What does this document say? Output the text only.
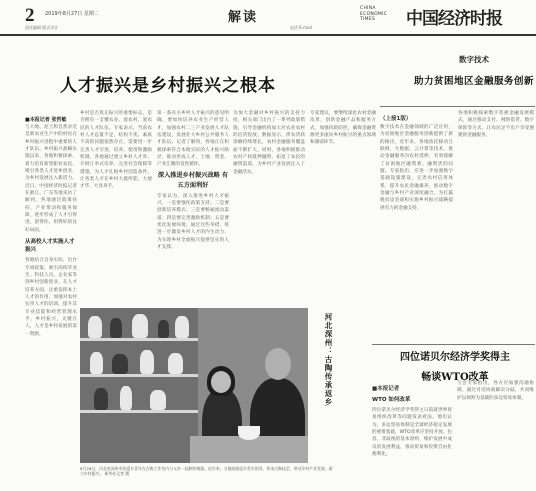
2 2019年8月27日 星期二	解读
CHINA ECONOMIC TIMES	中国经济时报
责任编辑 版式设计	电话 E-mail
人才振兴是乡村振兴之根本
■本报记者 张哲敏
与大地、泥土和自然亲近是新农业生产中的村民在乡村振兴进程中重要的人才队伍。乡村振兴战略实施以来，各地积极探索，着力培育新型职业农民，吸引各类人才返乡创业，为乡村发展注入新活力。近日，中国经济时报记者在浙江、广东等地采访了解到，各地通过政策扶持、产业带动和服务保障，逐步形成了人才引得进、留得住、用得好的良好局面。
从高校人才实施人才振兴
各地结合自身实际，出台专项政策，吸引高校毕业生、科技人员、企业家等到乡村创新创业。在人才培养方面，注重发挥本土人才的作用，加强对农村实用人才的培训，提升其专业技能和经营管理水平。乡村振兴，关键在人，人才是乡村发展的第一资源。
乡村是否真正振兴的重要标志，是否拥有一支懂农业、爱农村、爱农民的人才队伍。专家表示，当前农村人才总量不足、结构不优、素质不高的问题依然存在，需要进一步完善人才引进、培养、使用和激励机制。各地通过建立乡村人才库、开展订单式培养、完善社会保障等措施，为人才扎根乡村创造条件，让各类人才在乡村大施所能、大展才华、大显身手。
第一条有关乡村人才振兴的意见明确，要加快培养农业生产经营人才，加强农村二三产业发展人才队伍建设，发展壮大乡村公共服务人才队伍。记者了解到，各地正在积极探索符合本地实际的人才振兴路径，推动形成人才、土地、资金、产业汇聚的良性循环。
深入推进乡村振兴战略 有五方面利好
专家认为，深入推进乡村人才振兴，一是要强化政策支持；二是要创新培养模式；三是要畅通流动渠道；四是要完善激励机制；五是要优化发展环境。通过这些举措，将进一步激发乡村人才的内生动力，为实现乡村全面振兴提供坚实的人才支撑。
为加大金融对乡村振兴的支持力度，相关部门出台了一系列政策措施，引导金融机构加大对农业农村的信贷投放。数据显示，涉农贷款余额持续增长，农村金融服务覆盖面不断扩大。同时，各地积极推动农村产权抵押融资，拓宽了农民的融资渠道，为乡村产业发展注入了金融活水。
专家建议，要继续深化农村金融改革，创新金融产品和服务方式，加强风险防控，确保金融资源更多流向乡村振兴的重点领域和薄弱环节。
数字技术
助力贫困地区金融服务创新
（上接1版）
数字技术在金融领域的广泛应用，为贫困地区金融服务创新提供了新的路径。近年来，各地依托移动互联网、大数据、云计算等技术，推动金融服务向农村延伸，有效缓解了贫困地区融资难、融资贵的问题。专家指出，应进一步加强数字基础设施建设，完善农村信用体系，提升农民金融素养，推动数字金融与乡村产业深度融合，为打赢脱贫攻坚战和实施乡村振兴战略提供有力的金融支持。
各地积极探索数字普惠金融发展模式，通过移动支付、网络借贷、数字保险等方式，让农民足不出户享受便捷的金融服务。
四位诺贝尔经济学奖得主
畅谈WTO改革
■本报记者
WTO 如何改革
四位诺贝尔经济学奖得主日前就世界贸易组织改革等问题发表看法。他们认为，多边贸易体制是全球经济稳定发展的重要基础，WTO改革应坚持开放、包容、非歧视的基本原则，维护发展中成员的发展利益，推动贸易和投资自由化便利化。
与会专家指出，各方应加强沟通协调，通过对话协商解决分歧，共同维护以规则为基础的多边贸易体制。
河北深州：古陶传承返乡
8月26日，河北省深州市的返乡青年在古陶工作室内与父亲一起制作陶器。近年来，当地鼓励返乡青年创业，传承古陶技艺，带动乡村产业发展，助力乡村振兴。 新华社记者 摄
